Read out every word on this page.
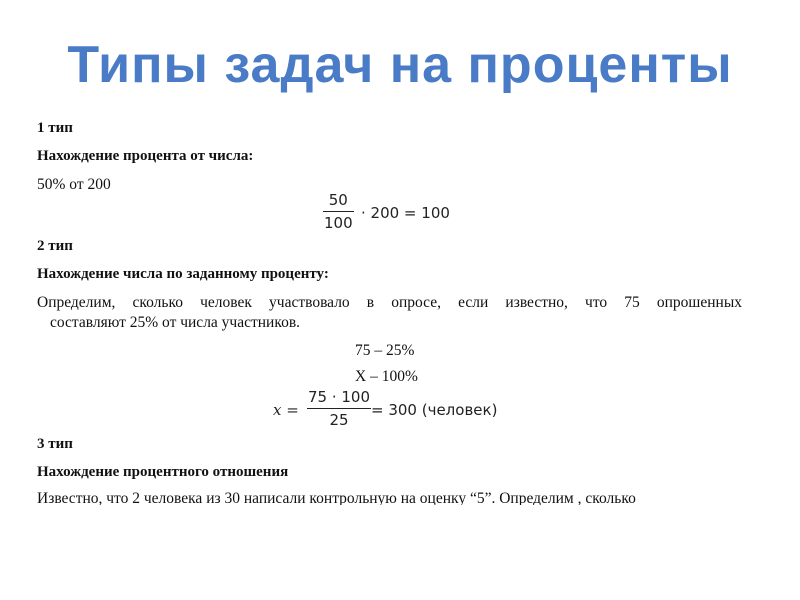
Типы задач на проценты
1 тип
Нахождение процента от числа:
50% от 200
50
100
· 200 = 100
2 тип
Нахождение числа по заданному проценту:
Определим, сколько человек участвовало в опросе, если известно, что 75 опрошенных
составляют 25% от числа участников.
75 – 25%
X – 100%
x =
75 · 100
25
= 300 (человек)
3 тип
Нахождение процентного отношения
Известно, что 2 человека из 30 написали контрольную на оценку “5”. Определим , сколько
